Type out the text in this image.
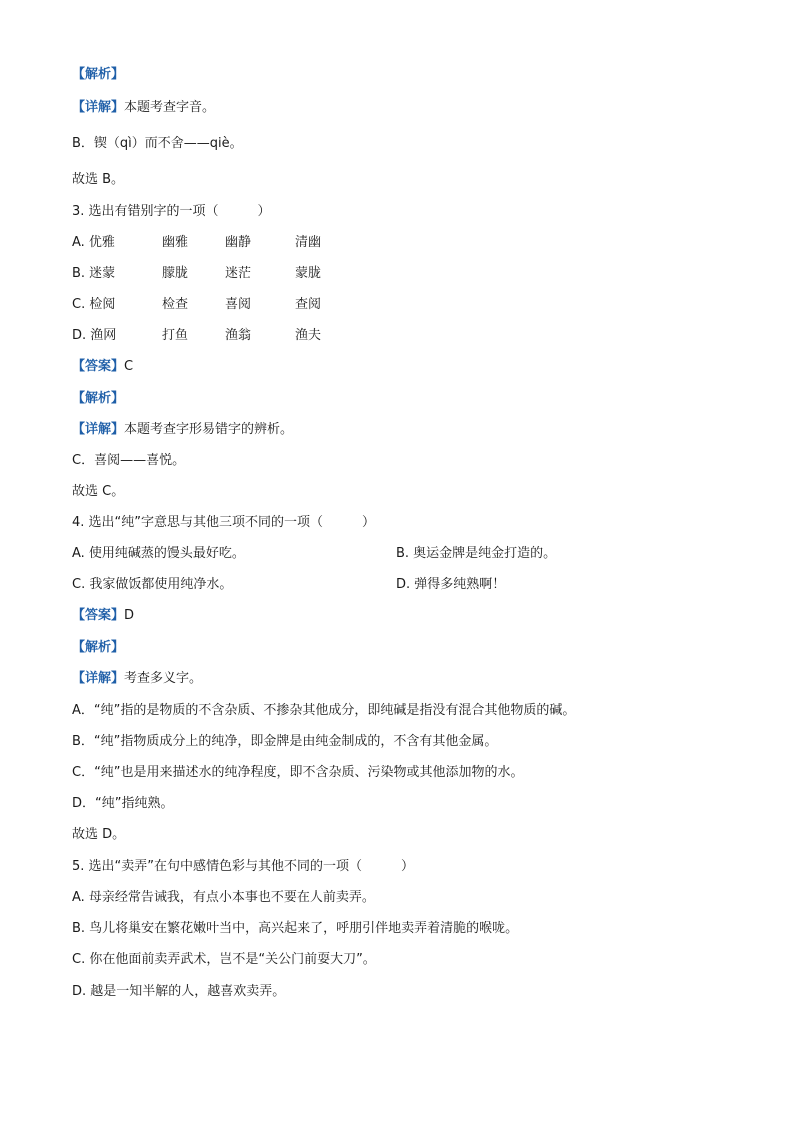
【解析】
【详解】本题考查字音。
B．锲（qì）而不舍——qiè。
故选 B。
3. 选出有错别字的一项（　　　）
A. 优雅	幽雅	幽静	清幽
B. 迷蒙	朦胧	迷茫	蒙胧
C. 检阅	检查	喜阅	查阅
D. 渔网	打鱼	渔翁	渔夫
【答案】C
【解析】
【详解】本题考查字形易错字的辨析。
C．喜阅——喜悦。
故选 C。
4. 选出“纯”字意思与其他三项不同的一项（　　　）
A. 使用纯碱蒸的馒头最好吃。	B. 奥运金牌是纯金打造的。
C. 我家做饭都使用纯净水。	D. 弹得多纯熟啊！
【答案】D
【解析】
【详解】考查多义字。
A．“纯”指的是物质的不含杂质、不掺杂其他成分，即纯碱是指没有混合其他物质的碱。
B．“纯”指物质成分上的纯净，即金牌是由纯金制成的，不含有其他金属。
C．“纯”也是用来描述水的纯净程度，即不含杂质、污染物或其他添加物的水。
D．“纯”指纯熟。
故选 D。
5. 选出“卖弄”在句中感情色彩与其他不同的一项（　　　）
A. 母亲经常告诫我，有点小本事也不要在人前卖弄。
B. 鸟儿将巢安在繁花嫩叶当中，高兴起来了，呼朋引伴地卖弄着清脆的喉咙。
C. 你在他面前卖弄武术，岂不是“关公门前耍大刀”。
D. 越是一知半解的人，越喜欢卖弄。
